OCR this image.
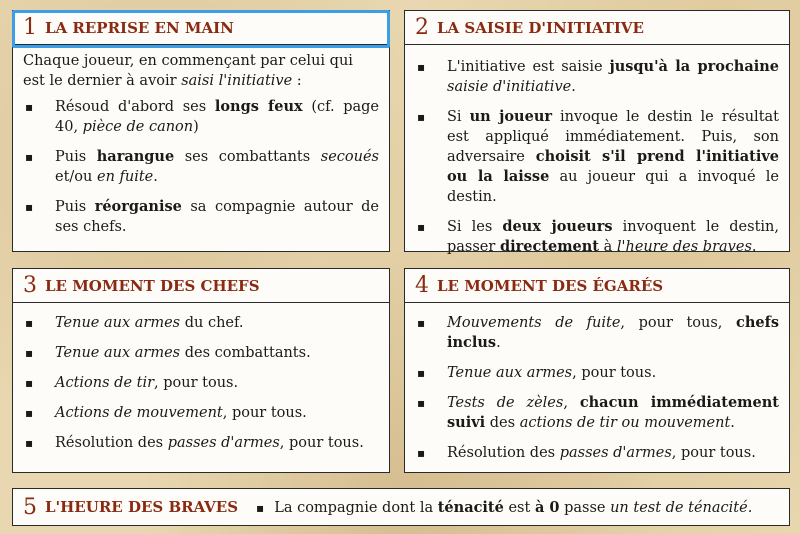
1 LA REPRISE EN MAIN

Chaque joueur, en commençant par celui qui est le dernier à avoir saisi l'initiative :

▪ Résoud d'abord ses longs feux (cf. page 40, pièce de canon)
▪ Puis harangue ses combattants secoués et/ou en fuite.
▪ Puis réorganise sa compagnie autour de ses chefs.
2 LA SAISIE D'INITIATIVE
▪ L'initiative est saisie jusqu'à la prochaine saisie d'initiative.
▪ Si un joueur invoque le destin le résultat est appliqué immédiatement. Puis, son adversaire choisit s'il prend l'initiative ou la laisse au joueur qui a invoqué le destin.
▪ Si les deux joueurs invoquent le destin, passer directement à l'heure des braves.
3 LE MOMENT DES CHEFS
▪ Tenue aux armes du chef.
▪ Tenue aux armes des combattants.
▪ Actions de tir, pour tous.
▪ Actions de mouvement, pour tous.
▪ Résolution des passes d'armes, pour tous.
4 LE MOMENT DES ÉGARÉS
▪ Mouvements de fuite, pour tous, chefs inclus.
▪ Tenue aux armes, pour tous.
▪ Tests de zèles, chacun immédiatement suivi des actions de tir ou mouvement.
▪ Résolution des passes d'armes, pour tous.
5 L'HEURE DES BRAVES
▪	La compagnie dont la ténacité est à 0 passe un test de ténacité.
